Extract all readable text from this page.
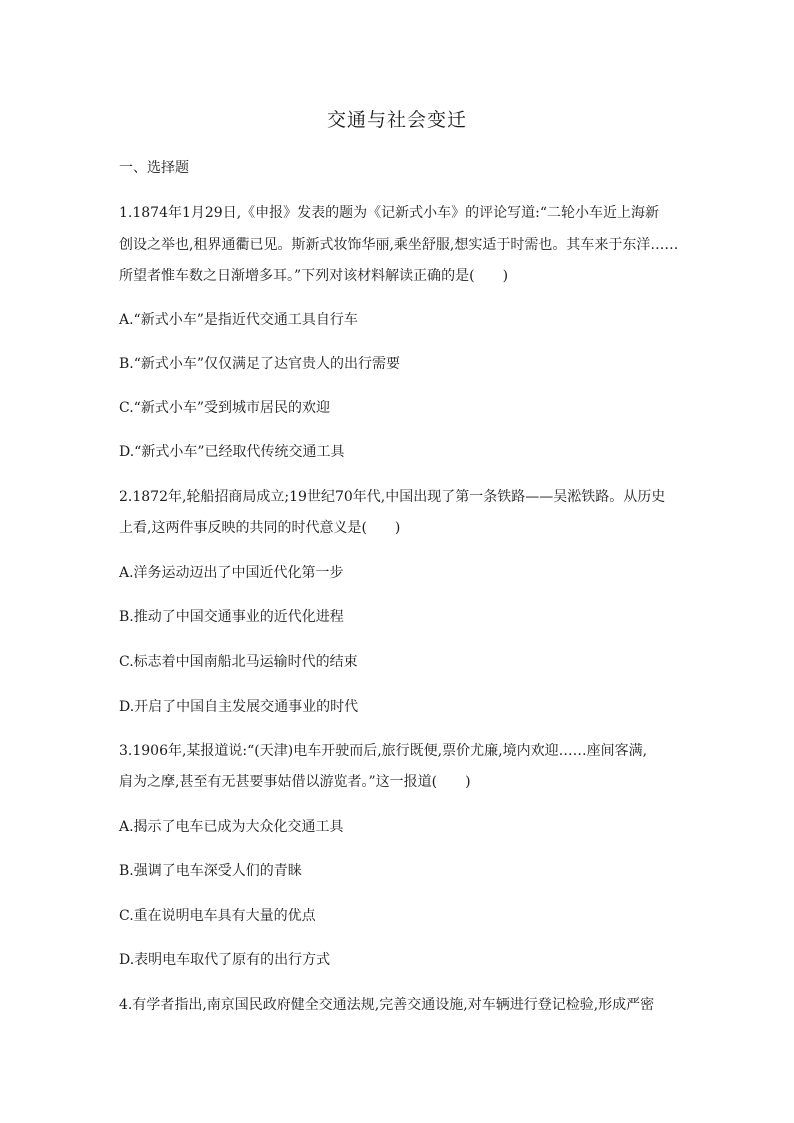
交通与社会变迁
一、选择题
1.1874年1月29日,《申报》发表的题为《记新式小车》的评论写道:“二轮小车近上海新
创设之举也,租界通衢已见。斯新式妆饰华丽,乘坐舒服,想实适于时需也。其车来于东洋……
所望者惟车数之日渐增多耳。”下列对该材料解读正确的是(　　)
A.“新式小车”是指近代交通工具自行车
B.“新式小车”仅仅满足了达官贵人的出行需要
C.“新式小车”受到城市居民的欢迎
D.“新式小车”已经取代传统交通工具
2.1872年,轮船招商局成立;19世纪70年代,中国出现了第一条铁路——吴淞铁路。从历史
上看,这两件事反映的共同的时代意义是(　　)
A.洋务运动迈出了中国近代化第一步
B.推动了中国交通事业的近代化进程
C.标志着中国南船北马运输时代的结束
D.开启了中国自主发展交通事业的时代
3.1906年,某报道说:“(天津)电车开驶而后,旅行既便,票价尤廉,境内欢迎……座间客满,
肩为之摩,甚至有无甚要事姑借以游览者。”这一报道(　　)
A.揭示了电车已成为大众化交通工具
B.强调了电车深受人们的青睐
C.重在说明电车具有大量的优点
D.表明电车取代了原有的出行方式
4.有学者指出,南京国民政府健全交通法规,完善交通设施,对车辆进行登记检验,形成严密
